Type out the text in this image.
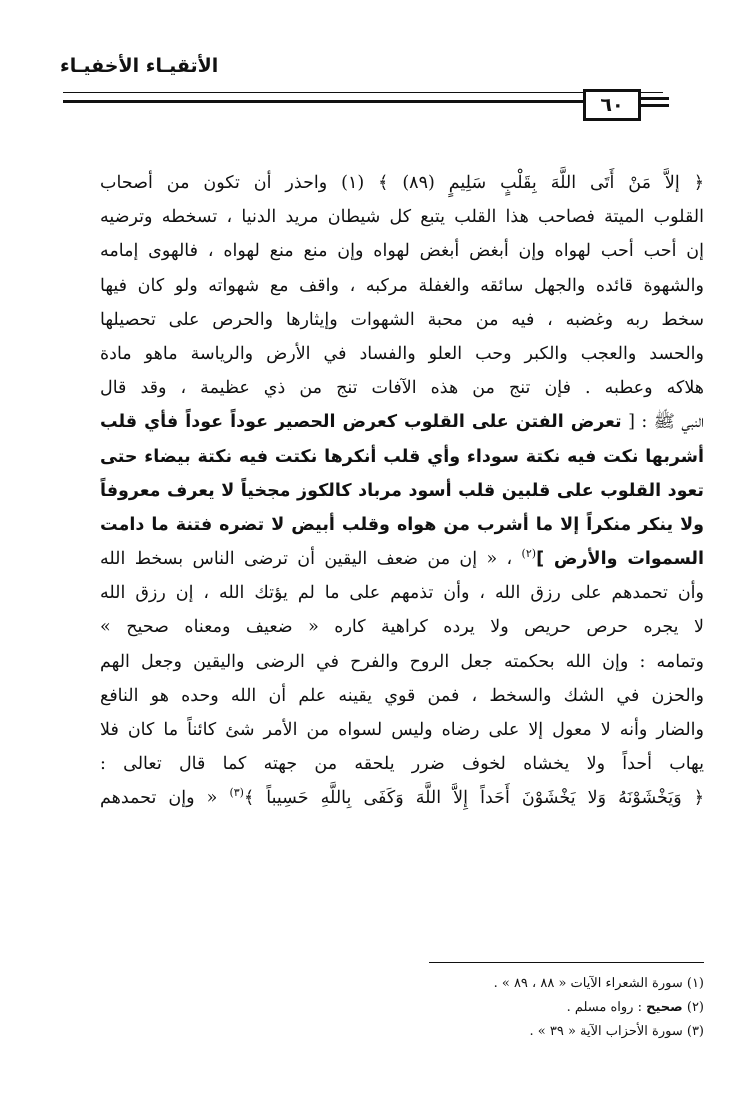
الأتقيـاء الأخفيـاء
٦٠
﴿ إلاَّ مَنْ أَتَى اللَّهَ بِقَلْبٍ سَلِيمٍ (٨٩) ﴾ (١) واحذر أن تكون من أصحاب
القلوب الميتة فصاحب هذا القلب يتبع كل شيطان مريد الدنيا ، تسخطه وترضيه
إن أحب أحب لهواه وإن أبغض أبغض لهواه وإن منع منع لهواه ، فالهوى إمامه
والشهوة قائده والجهل سائقه والغفلة مركبه ، واقف مع شهواته ولو كان فيها
سخط ربه وغضبه ، فيه من محبة الشهوات وإيثارها والحرص على تحصيلها
والحسد والعجب والكبر وحب العلو والفساد في الأرض والرياسة ماهو مادة
هلاكه وعطبه . فإن تنج من هذه الآفات تنج من ذي عظيمة ، وقد قال
النبي ﷺ : [ تعرض الفتن على القلوب كعرض الحصير عوداً عوداً فأي قلب
أشربها نكت فيه نكتة سوداء وأي قلب أنكرها نكتت فيه نكتة بيضاء حتى
تعود القلوب على قلبين قلب أسود مرباد كالكوز مجخياً لا يعرف معروفاً
ولا ينكر منكراً إلا ما أشرب من هواه وقلب أبيض لا تضره فتنة ما دامت
السموات والأرض ]$^{(٢)}$ ، « إن من ضعف اليقين أن ترضى الناس بسخط الله
وأن تحمدهم على رزق الله ، وأن تذمهم على ما لم يؤتك الله ، إن رزق الله
لا يجره حرص حريص ولا يرده كراهية كاره « ضعيف ومعناه صحيح »
وتمامه : وإن الله بحكمته جعل الروح والفرح في الرضى واليقين وجعل الهم
والحزن في الشك والسخط ، فمن قوي يقينه علم أن الله وحده هو النافع
والضار وأنه لا معول إلا على رضاه وليس لسواه من الأمر شئ كائناً ما كان فلا
يهاب أحداً ولا يخشاه لخوف ضرر يلحقه من جهته كما قال تعالى :
﴿ وَيَخْشَوْنَهُ وَلا يَخْشَوْنَ أَحَداً إِلاَّ اللَّهَ وَكَفَى بِاللَّهِ حَسِيباً ﴾$^{(٣)}$ « وإن تحمدهم
(١) سورة الشعراء الآيات « ٨٨ ، ٨٩ » .
(٢) صحيح : رواه مسلم .
(٣) سورة الأحزاب الآية « ٣٩ » .
